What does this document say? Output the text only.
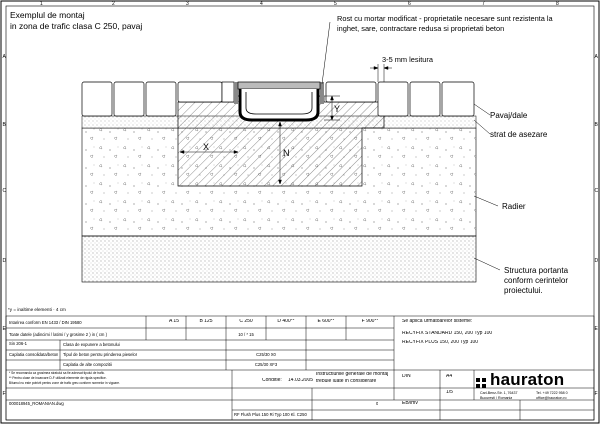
A
B
C
D
E
F
A
B
C
D
E
F
1	2	3	4	5	6	7	8
Exemplul de montaj
in zona de trafic clasa C 250, pavaj
X
N
Y
Rost cu mortar modificat - proprietatile necesare sunt rezistenta la
inghet, sare, contractare redusa si proprietati beton
3-5 mm lesitura
Pavaj/dale
strat de asezare
Radier
Structura portanta
conform cerintelor
proiectului.
*y = inaltime elementi · 4 cm
Intarirea conform EN 1433 / DIN 19580	A 15	B 125	C 250	D 400**	E 600**	F 900**
Toate datele (adincimi / latimi / y grosime 2 ) in ( cm )	10 / * 15
Sin 206-1	Clasa de expunere a betonului
Caplatia consolidata/beton Tipul de beton pentru prinderea pieselor	C25/30 X0
Caplatia de alte compozitii	C25/30 XF3
* Se recomanda ca grosimea stratului sa fie adecvat tipului de trafic.
** Pentru clase de incarcare D-F utilizati elemente de rigola specifice.
Bitumul nu este potrivit pentru zone de trafic greu conform normelor in vigoare.	Conditie: 14.03.2005
Instructiunile generale de montaj
trebuie luate in considerare
Se aplica urmatoarelor sisteme:
RECYFIX STANDARD 150, 200 Typ 100
RECYFIX PLUS 150, 200 Typ 100
DIN	A4
1/5
000018945_ROMANIAN.dwg	0	EB/lmv
RF Flush Plus 150 Ri Typ 100 Kl. C250
hauraton
Carl-Benz-Str. 1, 76437	Tel. +49 7222 958 0
Bucuresti / Romania	office@hauraton.ro
